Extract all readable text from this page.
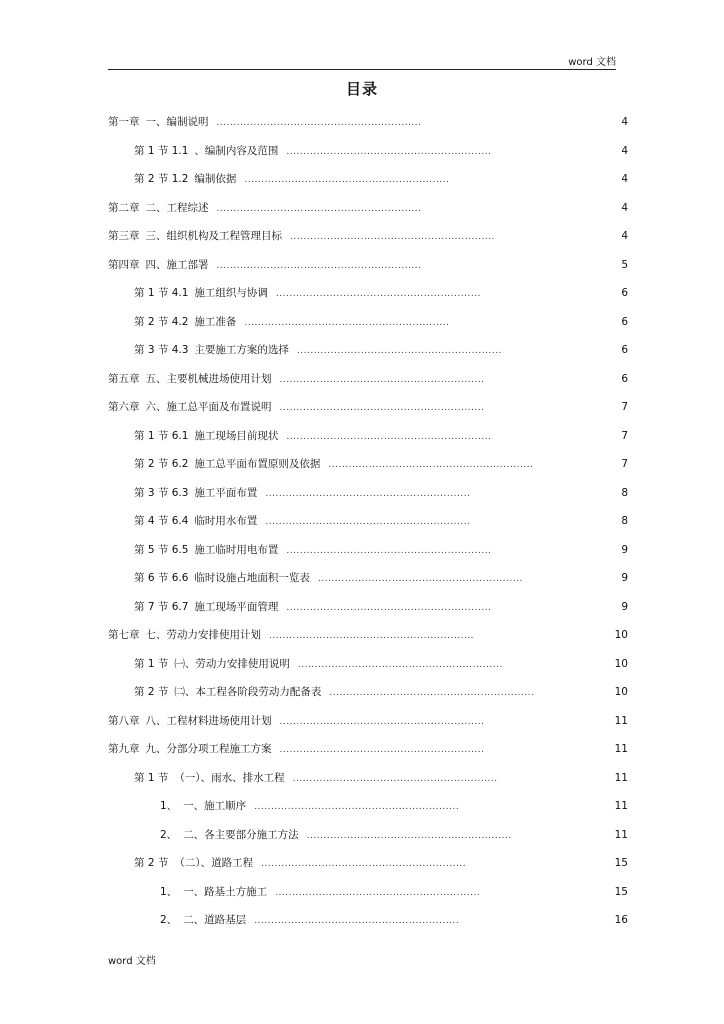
word 文档
目录
第一章 一、编制说明 .............................................................	4
第 1 节 1.1 、编制内容及范围 .............................................................	4
第 2 节 1.2 编制依据 .............................................................	4
第二章 二、工程综述 .............................................................	4
第三章 三、组织机构及工程管理目标 .............................................................	4
第四章 四、施工部署 .............................................................	5
第 1 节 4.1 施工组织与协调 .............................................................	6
第 2 节 4.2 施工准备 .............................................................	6
第 3 节 4.3 主要施工方案的选择 .............................................................	6
第五章 五、主要机械进场使用计划 .............................................................	6
第六章 六、施工总平面及布置说明 .............................................................	7
第 1 节 6.1 施工现场目前现状 .............................................................	7
第 2 节 6.2 施工总平面布置原则及依据 .............................................................	7
第 3 节 6.3 施工平面布置 .............................................................	8
第 4 节 6.4 临时用水布置 .............................................................	8
第 5 节 6.5 施工临时用电布置 .............................................................	9
第 6 节 6.6 临时设施占地面积一览表 .............................................................	9
第 7 节 6.7 施工现场平面管理 .............................................................	9
第七章 七、劳动力安排使用计划 .............................................................	10
第 1 节 ㈠、劳动力安排使用说明 .............................................................	10
第 2 节 ㈡、本工程各阶段劳动力配备表 .............................................................	10
第八章 八、工程材料进场使用计划 .............................................................	11
第九章 九、分部分项工程施工方案 .............................................................	11
第 1 节 （一）、雨水、排水工程 .............................................................	11
1、 一、施工顺序 .............................................................	11
2、 二、各主要部分施工方法 .............................................................	11
第 2 节 （二）、道路工程 .............................................................	15
1、 一、路基土方施工 .............................................................	15
2、 二、道路基层 .............................................................	16
word 文档
